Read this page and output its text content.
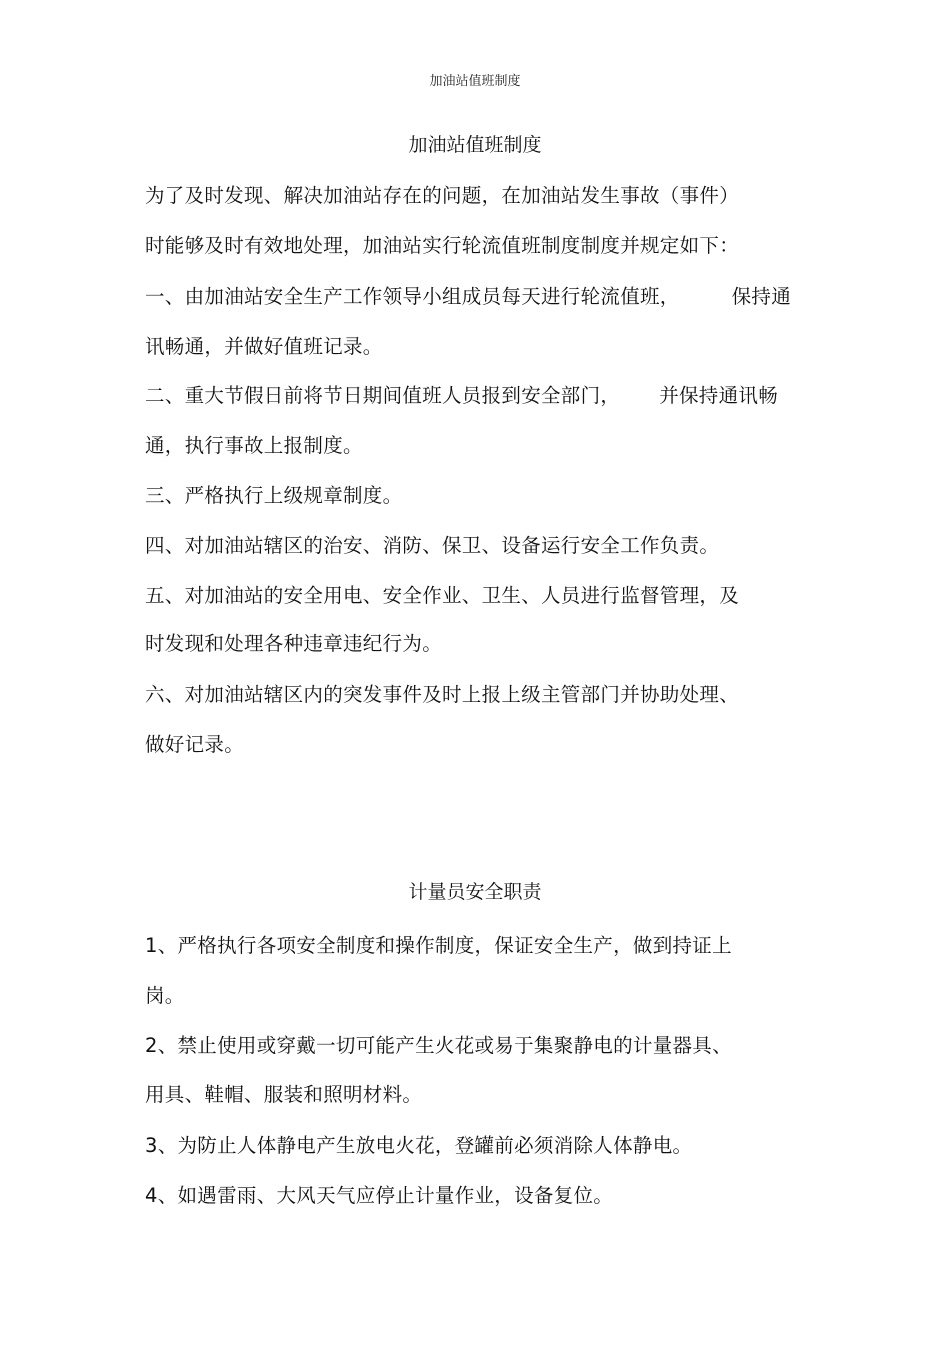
加油站值班制度
加油站值班制度
为了及时发现、解决加油站存在的问题，在加油站发生事故（事件）
时能够及时有效地处理，加油站实行轮流值班制度制度并规定如下：
一、由加油站安全生产工作领导小组成员每天进行轮流值班，        保持通
讯畅通，并做好值班记录。
二、重大节假日前将节日期间值班人员报到安全部门，      并保持通讯畅
通，执行事故上报制度。
三、严格执行上级规章制度。
四、对加油站辖区的治安、消防、保卫、设备运行安全工作负责。
五、对加油站的安全用电、安全作业、卫生、人员进行监督管理，及
时发现和处理各种违章违纪行为。
六、对加油站辖区内的突发事件及时上报上级主管部门并协助处理、
做好记录。
计量员安全职责
1、严格执行各项安全制度和操作制度，保证安全生产，做到持证上
岗。
2、禁止使用或穿戴一切可能产生火花或易于集聚静电的计量器具、
用具、鞋帽、服装和照明材料。
3、为防止人体静电产生放电火花，登罐前必须消除人体静电。
4、如遇雷雨、大风天气应停止计量作业，设备复位。
